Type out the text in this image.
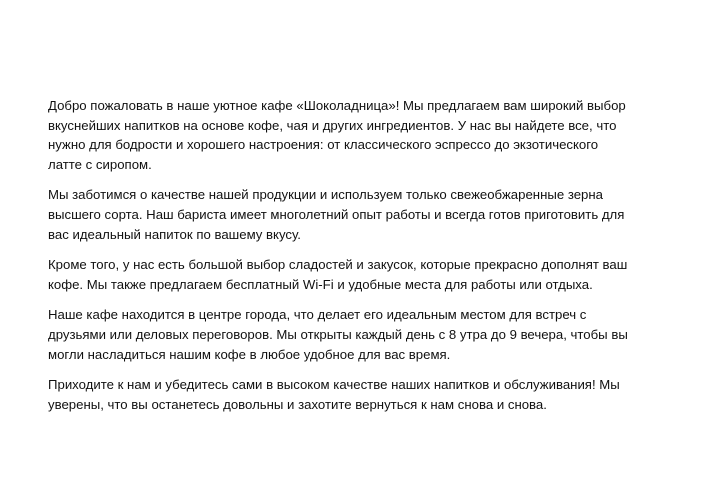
Добро пожаловать в наше уютное кафе «Шоколадница»! Мы предлагаем вам широкий выбор
вкуснейших напитков на основе кофе, чая и других ингредиентов. У нас вы найдете все, что
нужно для бодрости и хорошего настроения: от классического эспрессо до экзотического
латте с сиропом.

Мы заботимся о качестве нашей продукции и используем только свежеобжаренные зерна
высшего сорта. Наш бариста имеет многолетний опыт работы и всегда готов приготовить для
вас идеальный напиток по вашему вкусу.

Кроме того, у нас есть большой выбор сладостей и закусок, которые прекрасно дополнят ваш
кофе. Мы также предлагаем бесплатный Wi-Fi и удобные места для работы или отдыха.

Наше кафе находится в центре города, что делает его идеальным местом для встреч с
друзьями или деловых переговоров. Мы открыты каждый день с 8 утра до 9 вечера, чтобы вы
могли насладиться нашим кофе в любое удобное для вас время.

Приходите к нам и убедитесь сами в высоком качестве наших напитков и обслуживания! Мы
уверены, что вы останетесь довольны и захотите вернуться к нам снова и снова.
